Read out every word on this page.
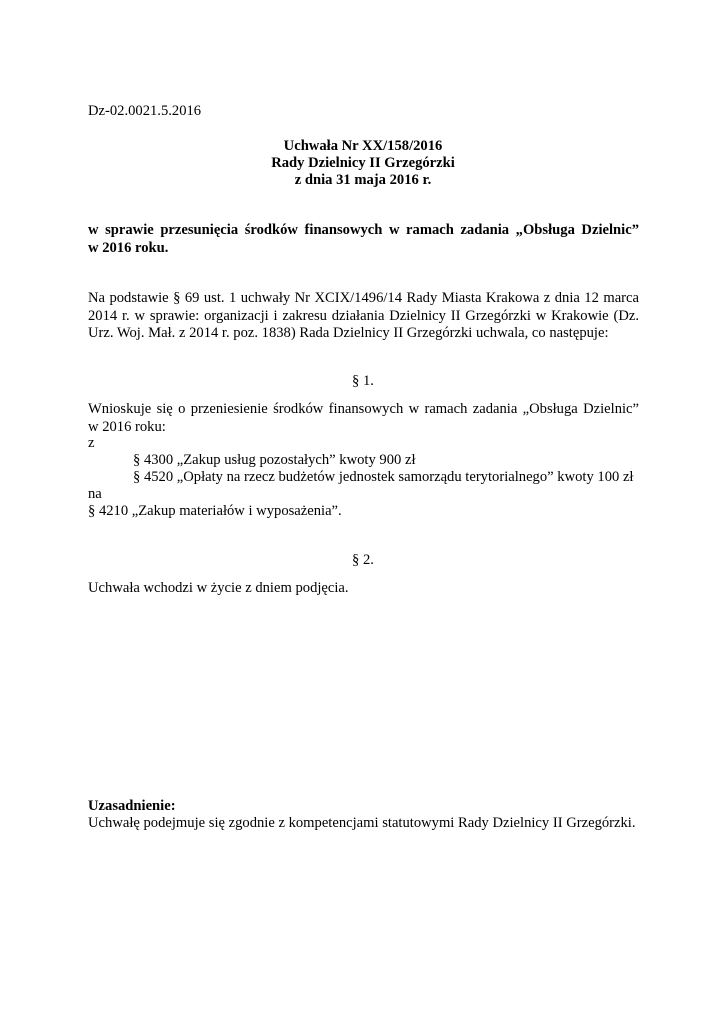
Dz-02.0021.5.2016
Uchwała Nr XX/158/2016
Rady Dzielnicy II Grzegórzki
z dnia 31 maja 2016 r.
w sprawie przesunięcia środków finansowych w ramach zadania „Obsługa Dzielnic”
w 2016 roku.
Na podstawie § 69 ust. 1 uchwały Nr XCIX/1496/14 Rady Miasta Krakowa z dnia 12 marca
2014 r. w sprawie: organizacji i zakresu działania Dzielnicy II Grzegórzki w Krakowie (Dz.
Urz. Woj. Mał. z 2014 r. poz. 1838) Rada Dzielnicy II Grzegórzki uchwala, co następuje:
§ 1.
Wnioskuje się o przeniesienie środków finansowych w ramach zadania „Obsługa Dzielnic”
w 2016 roku:
z
§ 4300 „Zakup usług pozostałych” kwoty 900 zł
§ 4520 „Opłaty na rzecz budżetów jednostek samorządu terytorialnego” kwoty 100 zł
na
§ 4210 „Zakup materiałów i wyposażenia”.
§ 2.
Uchwała wchodzi w życie z dniem podjęcia.
Uzasadnienie:
Uchwałę podejmuje się zgodnie z kompetencjami statutowymi Rady Dzielnicy II Grzegórzki.
